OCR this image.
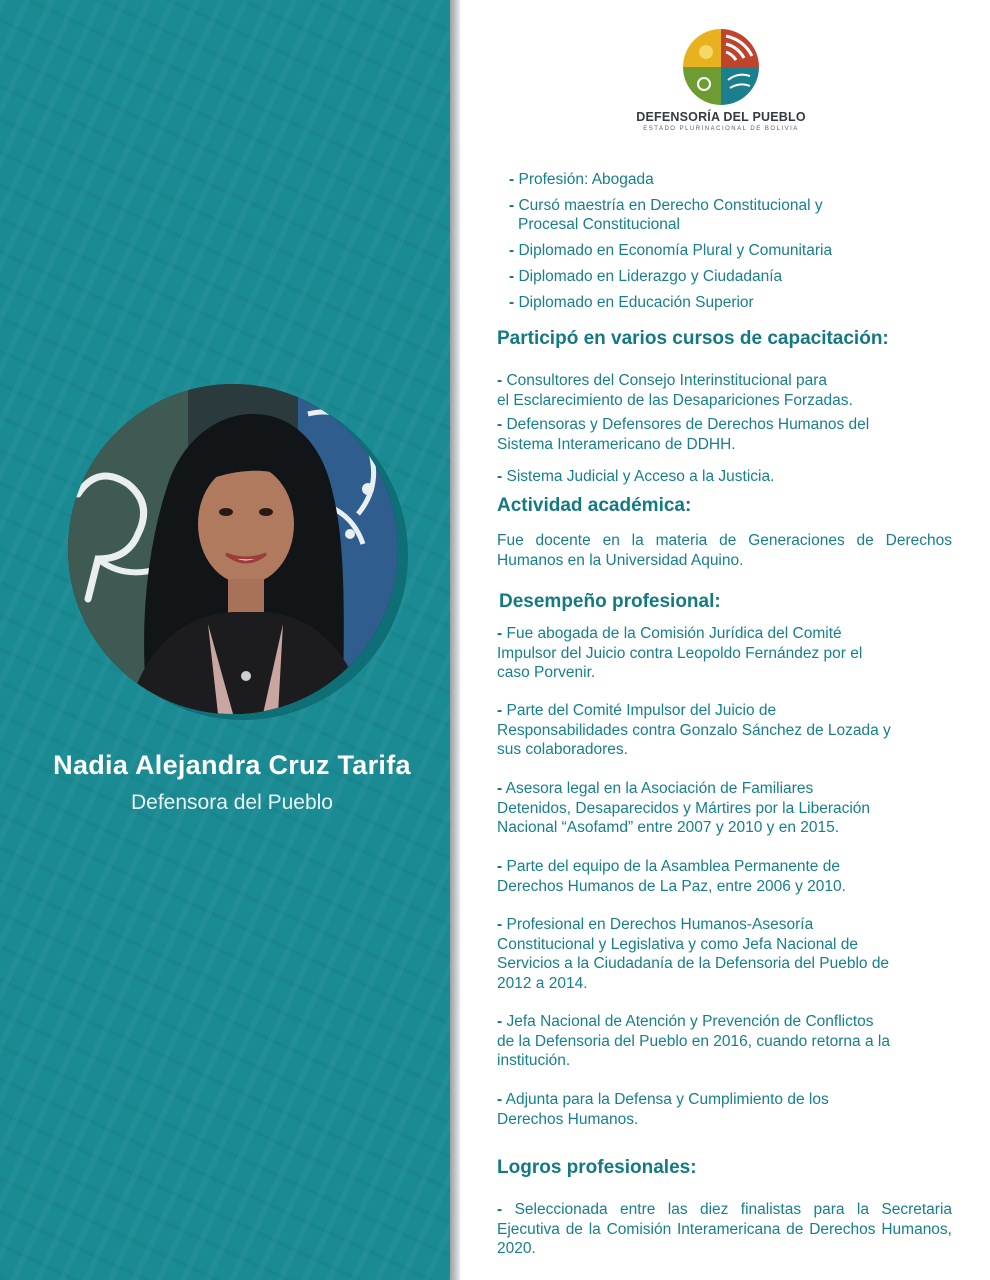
Nadia Alejandra Cruz Tarifa
Defensora del Pueblo
DEFENSORÍA DEL PUEBLO
ESTADO PLURINACIONAL DE BOLIVIA
- Profesión: Abogada
- Cursó maestría en Derecho Constitucional y
Procesal Constitucional
- Diplomado en Economía Plural y Comunitaria
- Diplomado en Liderazgo y Ciudadanía
- Diplomado en Educación Superior
Participó en varios cursos de capacitación:
- Consultores del Consejo Interinstitucional para
el Esclarecimiento de las Desapariciones Forzadas.
- Defensoras y Defensores de Derechos Humanos del
Sistema Interamericano de DDHH.
- Sistema Judicial y Acceso a la Justicia.
Actividad académica:
Fue docente en la materia de Generaciones de Derechos Humanos en la Universidad Aquino.
Desempeño profesional:
- Fue abogada de la Comisión Jurídica del Comité
Impulsor del Juicio contra Leopoldo Fernández por el
caso Porvenir.
- Parte del Comité Impulsor del Juicio de
Responsabilidades contra Gonzalo Sánchez de Lozada y
sus colaboradores.
- Asesora legal en la Asociación de Familiares
Detenidos, Desaparecidos y Mártires por la Liberación
Nacional “Asofamd” entre 2007 y 2010 y en 2015.
- Parte del equipo de la Asamblea Permanente de
Derechos Humanos de La Paz, entre 2006 y 2010.
- Profesional en Derechos Humanos-Asesoría
Constitucional y Legislativa y como Jefa Nacional de
Servicios a la Ciudadanía de la Defensoria del Pueblo de
2012 a 2014.
- Jefa Nacional de Atención y Prevención de Conflictos
de la Defensoria del Pueblo en 2016, cuando retorna a la
institución.
- Adjunta para la Defensa y Cumplimiento de los
Derechos Humanos.
Logros profesionales:
- Seleccionada entre las diez finalistas para la Secretaria Ejecutiva de la Comisión Interamericana de Derechos Humanos, 2020.
